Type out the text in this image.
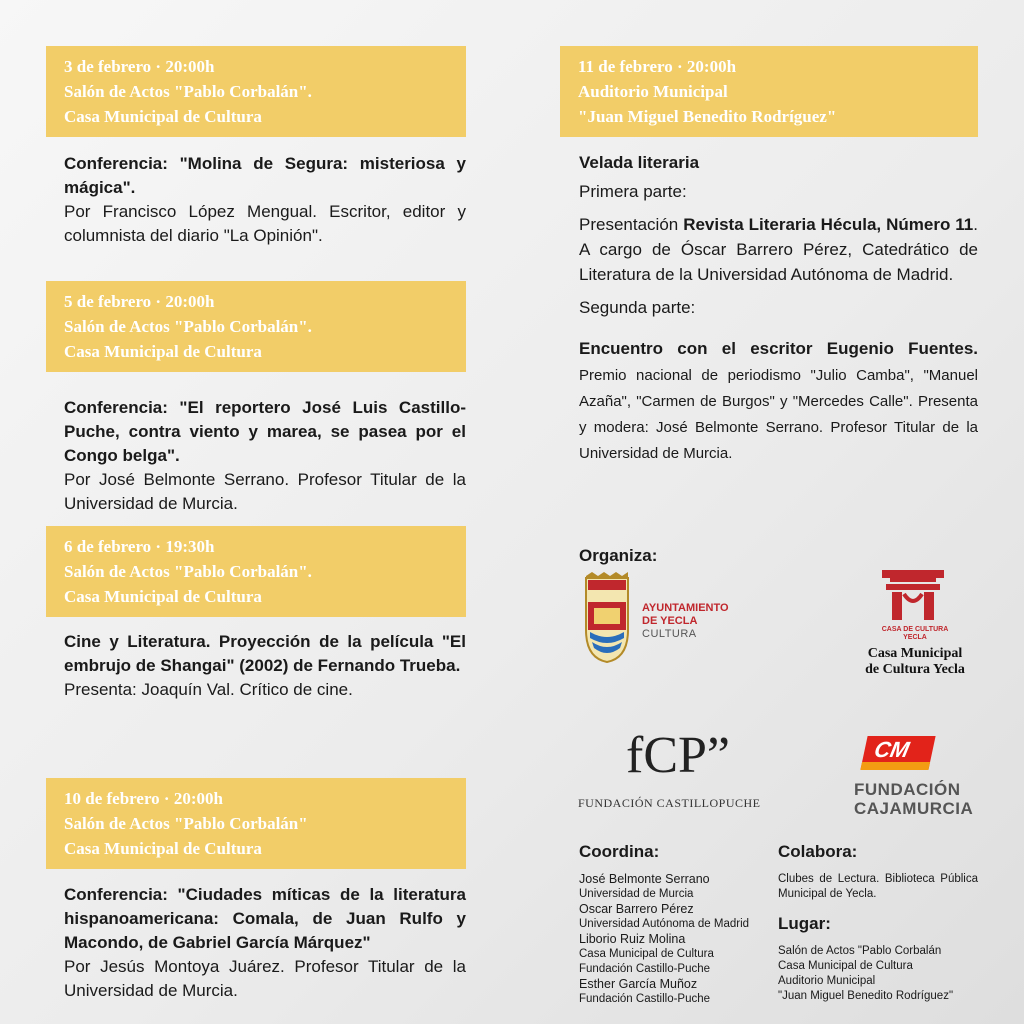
3 de febrero · 20:00h
Salón de Actos "Pablo Corbalán".
Casa Municipal de Cultura
Conferencia: "Molina de Segura: misteriosa y mágica".
Por Francisco López Mengual. Escritor, editor y columnista del diario "La Opinión".
5 de febrero · 20:00h
Salón de Actos "Pablo Corbalán".
Casa Municipal de Cultura
Conferencia: "El reportero José Luis Castillo-Puche, contra viento y marea, se pasea por el Congo belga".
Por José Belmonte Serrano. Profesor Titular de la Universidad de Murcia.
6 de febrero · 19:30h
Salón de Actos "Pablo Corbalán".
Casa Municipal de Cultura
Cine y Literatura. Proyección de la película "El embrujo de Shangai" (2002) de Fernando Trueba.
Presenta: Joaquín Val. Crítico de cine.
10 de febrero · 20:00h
Salón de Actos "Pablo Corbalán"
Casa Municipal de Cultura
Conferencia: "Ciudades míticas de la literatura hispanoamericana: Comala, de Juan Rulfo y Macondo, de Gabriel García Márquez"
Por Jesús Montoya Juárez. Profesor Titular de la Universidad de Murcia.
11 de febrero · 20:00h
Auditorio Municipal
"Juan Miguel Benedito Rodríguez"
Velada literaria
Primera parte:
Presentación Revista Literaria Hécula, Número 11. A cargo de Óscar Barrero Pérez, Catedrático de Literatura de la Universidad Autónoma de Madrid.
Segunda parte:
Encuentro con el escritor Eugenio Fuentes. Premio nacional de periodismo "Julio Camba", "Manuel Azaña", "Carmen de Burgos" y "Mercedes Calle". Presenta y modera: José Belmonte Serrano. Profesor Titular de la Universidad de Murcia.
Organiza:
AYUNTAMIENTO
DE YECLA
CULTURA	CASA DE CULTURA
YECLA
Casa Municipal
de Cultura Yecla
fCP”
FUNDACIÓN CASTILLOPUCHE
CM
FUNDACIÓN
CAJAMURCIA
Coordina:
José Belmonte Serrano
Universidad de Murcia
Oscar Barrero Pérez
Universidad Autónoma de Madrid
Liborio Ruiz Molina
Casa Municipal de Cultura
Fundación Castillo-Puche
Esther García Muñoz
Fundación Castillo-Puche
Colabora:
Clubes de Lectura. Biblioteca Pública Municipal de Yecla.
Lugar:
Salón de Actos "Pablo Corbalán
Casa Municipal de Cultura
Auditorio Municipal
"Juan Miguel Benedito Rodríguez"
